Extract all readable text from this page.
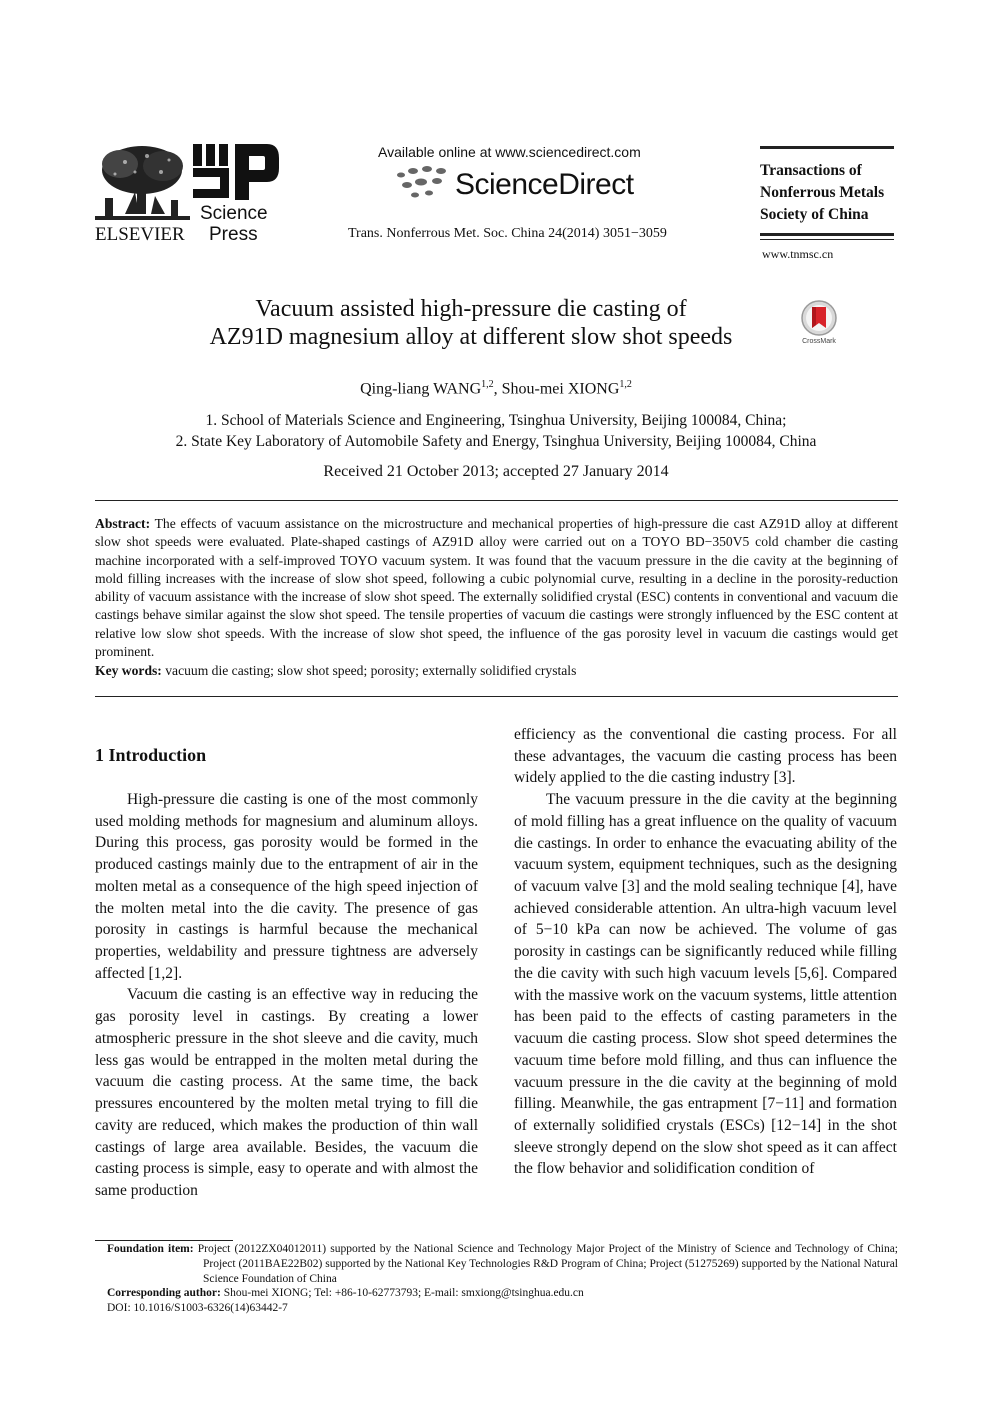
ELSEVIER
Science
Press
Available online at www.sciencedirect.com
ScienceDirect
Trans. Nonferrous Met. Soc. China 24(2014) 3051−3059
Transactions of
Nonferrous Metals
Society of China
www.tnmsc.cn
Vacuum assisted high-pressure die casting of
AZ91D magnesium alloy at different slow shot speeds	CrossMark
Qing-liang WANG$^{1,2}$, Shou-mei XIONG$^{1,2}$
1. School of Materials Science and Engineering, Tsinghua University, Beijing 100084, China;
2. State Key Laboratory of Automobile Safety and Energy, Tsinghua University, Beijing 100084, China
Received 21 October 2013; accepted 27 January 2014
Abstract: The effects of vacuum assistance on the microstructure and mechanical properties of high-pressure die cast AZ91D alloy at different slow shot speeds were evaluated. Plate-shaped castings of AZ91D alloy were carried out on a TOYO BD−350V5 cold chamber die casting machine incorporated with a self-improved TOYO vacuum system. It was found that the vacuum pressure in the die cavity at the beginning of mold filling increases with the increase of slow shot speed, following a cubic polynomial curve, resulting in a decline in the porosity-reduction ability of vacuum assistance with the increase of slow shot speed. The externally solidified crystal (ESC) contents in conventional and vacuum die castings behave similar against the slow shot speed. The tensile properties of vacuum die castings were strongly influenced by the ESC content at relative low slow shot speeds. With the increase of slow shot speed, the influence of the gas porosity level in vacuum die castings would get prominent.
Key words: vacuum die casting; slow shot speed; porosity; externally solidified crystals
1 Introduction

High-pressure die casting is one of the most commonly used molding methods for magnesium and aluminum alloys. During this process, gas porosity would be formed in the produced castings mainly due to the entrapment of air in the molten metal as a consequence of the high speed injection of the molten metal into the die cavity. The presence of gas porosity in castings is harmful because the mechanical properties, weldability and pressure tightness are adversely affected [1,2].

Vacuum die casting is an effective way in reducing the gas porosity level in castings. By creating a lower atmospheric pressure in the shot sleeve and die cavity, much less gas would be entrapped in the molten metal during the vacuum die casting process. At the same time, the back pressures encountered by the molten metal trying to fill die cavity are reduced, which makes the production of thin wall castings of large area available. Besides, the vacuum die casting process is simple, easy to operate and with almost the same production

efficiency as the conventional die casting process. For all these advantages, the vacuum die casting process has been widely applied to the die casting industry [3].

The vacuum pressure in the die cavity at the beginning of mold filling has a great influence on the quality of vacuum die castings. In order to enhance the evacuating ability of the vacuum system, equipment techniques, such as the designing of vacuum valve [3] and the mold sealing technique [4], have achieved considerable attention. An ultra-high vacuum level of 5−10 kPa can now be achieved. The volume of gas porosity in castings can be significantly reduced while filling the die cavity with such high vacuum levels [5,6]. Compared with the massive work on the vacuum systems, little attention has been paid to the effects of casting parameters in the vacuum die casting process. Slow shot speed determines the vacuum time before mold filling, and thus can influence the vacuum pressure in the die cavity at the beginning of mold filling. Meanwhile, the gas entrapment [7−11] and formation of externally solidified crystals (ESCs) [12−14] in the shot sleeve strongly depend on the slow shot speed as it can affect the flow behavior and solidification condition of

Foundation item: Project (2012ZX04012011) supported by the National Science and Technology Major Project of the Ministry of Science and Technology of China; Project (2011BAE22B02) supported by the National Key Technologies R&D Program of China; Project (51275269) supported by the National Natural Science Foundation of China
Corresponding author: Shou-mei XIONG; Tel: +86-10-62773793; E-mail: smxiong@tsinghua.edu.cn
DOI: 10.1016/S1003-6326(14)63442-7
